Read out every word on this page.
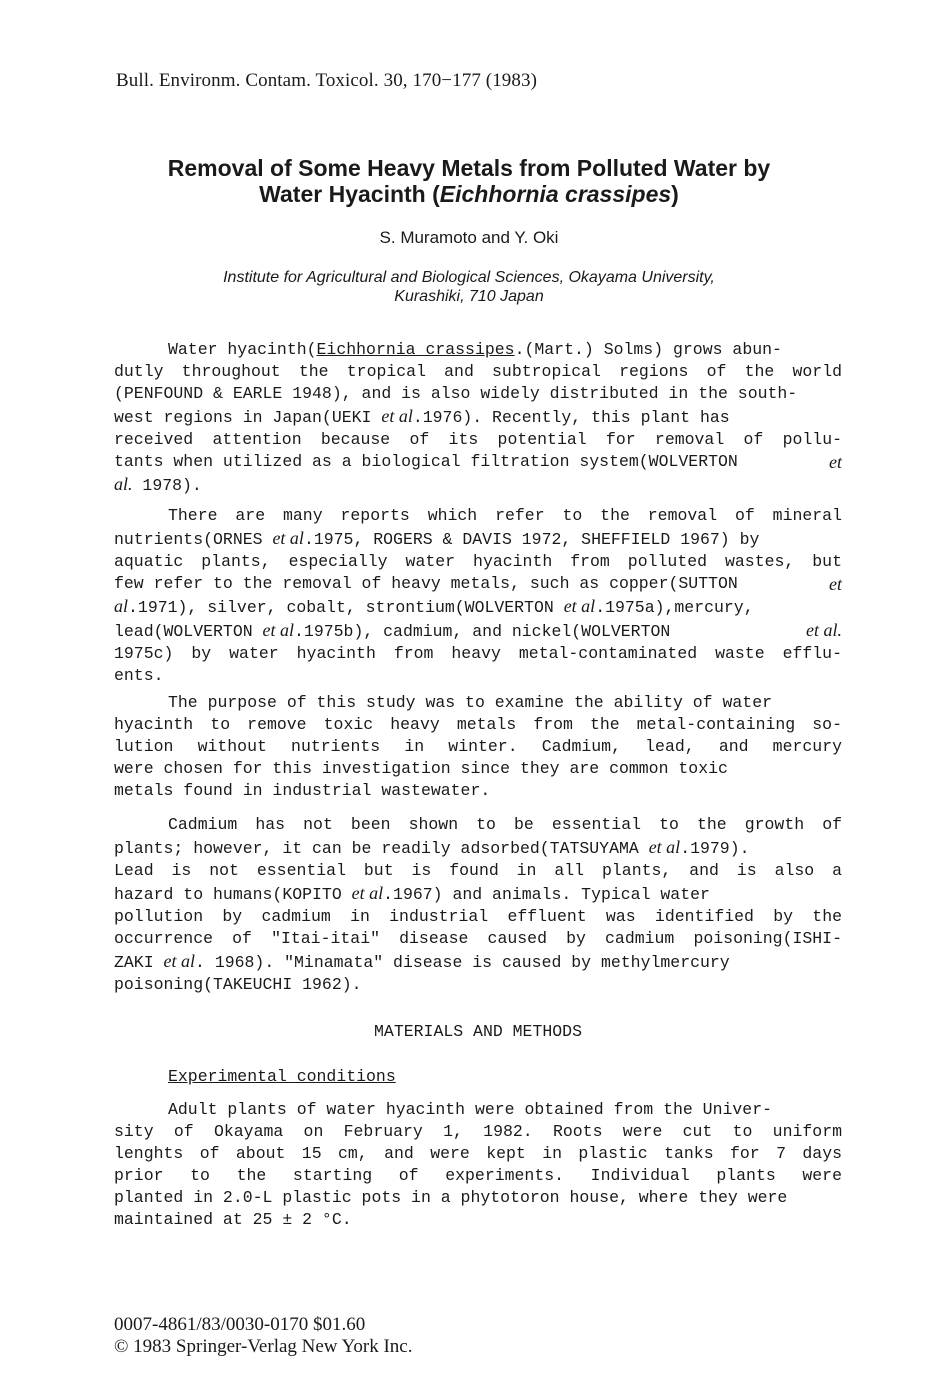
Bull. Environm. Contam. Toxicol. 30, 170−177 (1983)
Removal of Some Heavy Metals from Polluted Water by
Water Hyacinth (Eichhornia crassipes)
S. Muramoto and Y. Oki
Institute for Agricultural and Biological Sciences, Okayama University,
Kurashiki, 710 Japan
Water hyacinth(Eichhornia crassipes.(Mart.) Solms) grows abun-
dutly throughout the tropical and subtropical regions of the world
(PENFOUND & EARLE 1948), and is also widely distributed in the south-
west regions in Japan(UEKI et al.1976). Recently, this plant has
received attention because of its potential for removal of pollu-
tants when utilized as a biological filtration system(WOLVERTON	et
al. 1978).
There are many reports which refer to the removal of mineral
nutrients(ORNES et al.1975, ROGERS & DAVIS 1972, SHEFFIELD 1967) by
aquatic plants, especially water hyacinth from polluted wastes, but
few refer to the removal of heavy metals, such as copper(SUTTON	et
al.1971), silver, cobalt, strontium(WOLVERTON et al.1975a),mercury,
lead(WOLVERTON et al.1975b), cadmium, and nickel(WOLVERTON	et al.
1975c) by water hyacinth from heavy metal-contaminated waste efflu-
ents.
The purpose of this study was to examine the ability of water
hyacinth to remove toxic heavy metals from the metal-containing so-
lution without nutrients in winter. Cadmium, lead, and mercury
were chosen for this investigation since they are common toxic
metals found in industrial wastewater.
Cadmium has not been shown to be essential to the growth of
plants; however, it can be readily adsorbed(TATSUYAMA et al.1979).
Lead is not essential but is found in all plants, and is also a
hazard to humans(KOPITO et al.1967) and animals. Typical water
pollution by cadmium in industrial effluent was identified by the
occurrence of "Itai-itai" disease caused by cadmium poisoning(ISHI-
ZAKI et al. 1968). "Minamata" disease is caused by methylmercury
poisoning(TAKEUCHI 1962).
MATERIALS AND METHODS
Experimental conditions
Adult plants of water hyacinth were obtained from the Univer-
sity of Okayama on February 1, 1982. Roots were cut to uniform
lenghts of about 15 cm, and were kept in plastic tanks for 7 days
prior to the starting of experiments. Individual plants were
planted in 2.0-L plastic pots in a phytotoron house, where they were
maintained at 25 ± 2 °C.
0007-4861/83/0030-0170 $01.60
© 1983 Springer-Verlag New York Inc.
